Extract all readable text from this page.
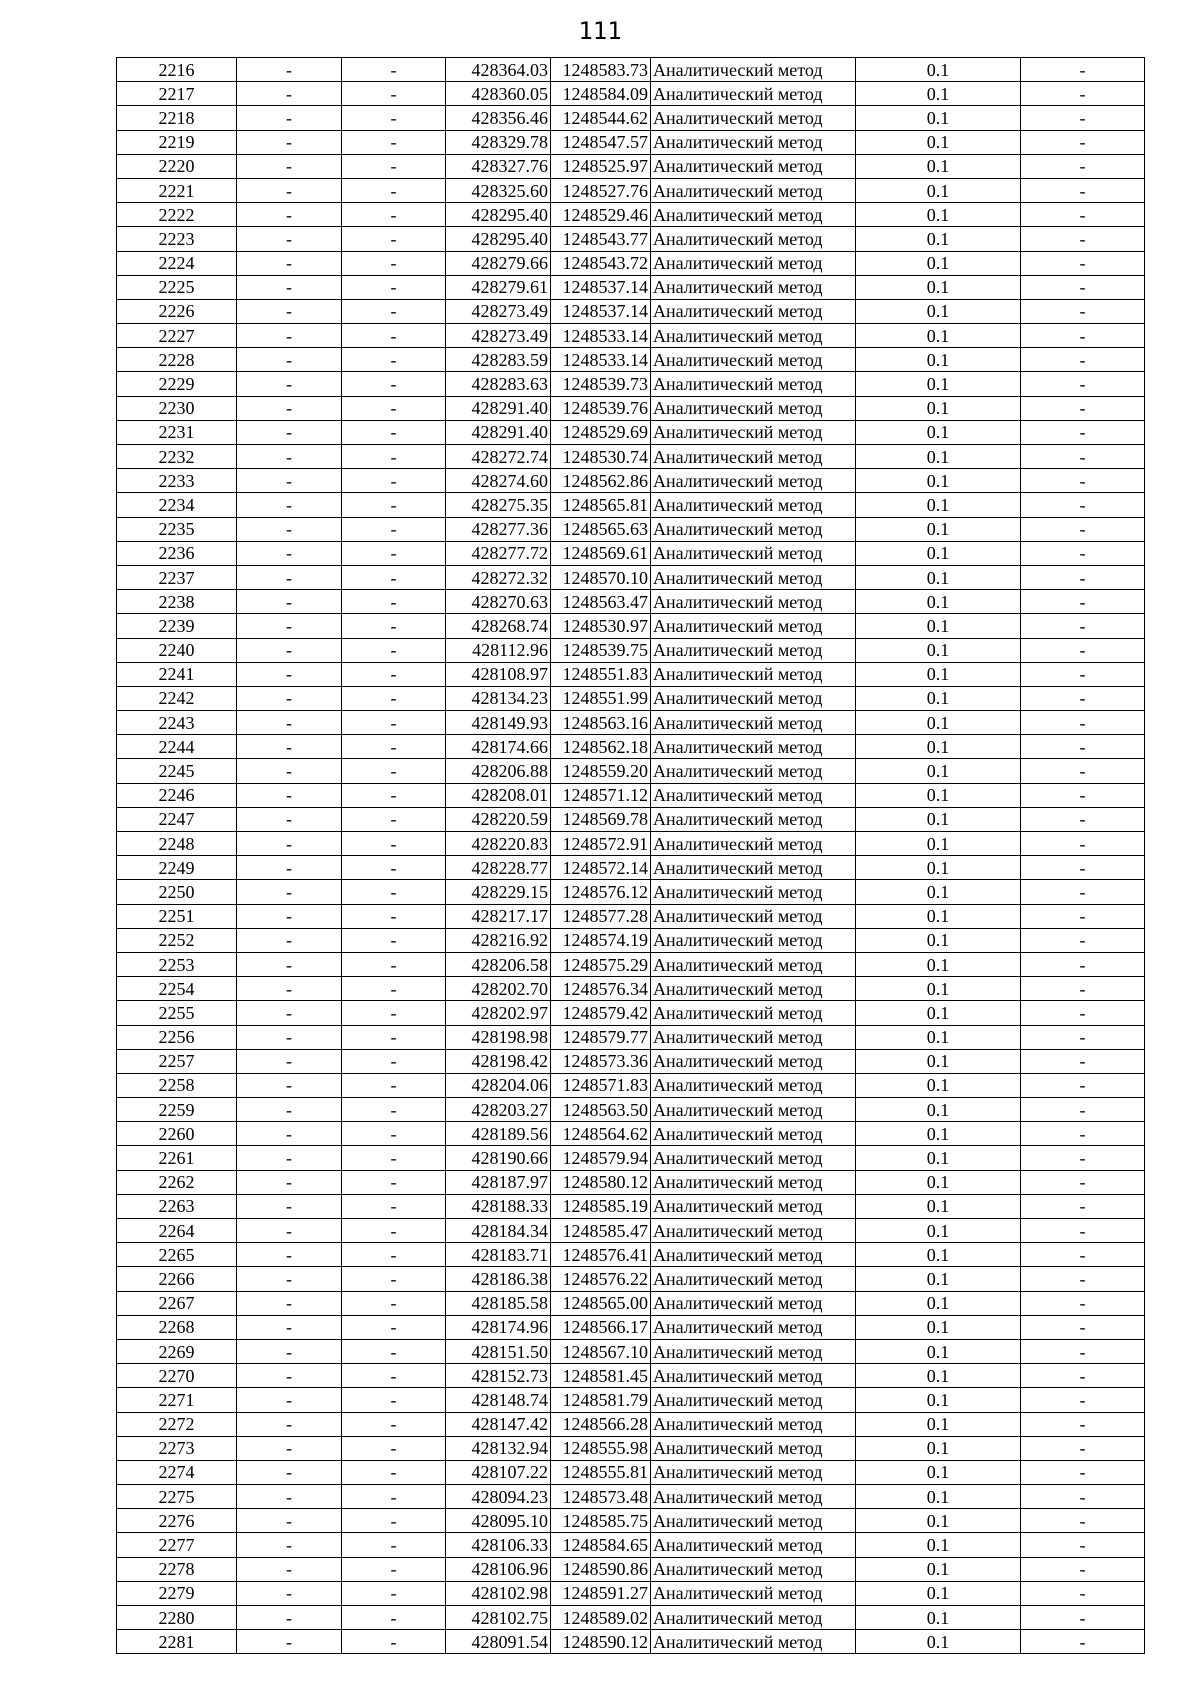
111
2216	-	-	428364.03	1248583.73	Аналитический метод	0.1	-
2217	-	-	428360.05	1248584.09	Аналитический метод	0.1	-
2218	-	-	428356.46	1248544.62	Аналитический метод	0.1	-
2219	-	-	428329.78	1248547.57	Аналитический метод	0.1	-
2220	-	-	428327.76	1248525.97	Аналитический метод	0.1	-
2221	-	-	428325.60	1248527.76	Аналитический метод	0.1	-
2222	-	-	428295.40	1248529.46	Аналитический метод	0.1	-
2223	-	-	428295.40	1248543.77	Аналитический метод	0.1	-
2224	-	-	428279.66	1248543.72	Аналитический метод	0.1	-
2225	-	-	428279.61	1248537.14	Аналитический метод	0.1	-
2226	-	-	428273.49	1248537.14	Аналитический метод	0.1	-
2227	-	-	428273.49	1248533.14	Аналитический метод	0.1	-
2228	-	-	428283.59	1248533.14	Аналитический метод	0.1	-
2229	-	-	428283.63	1248539.73	Аналитический метод	0.1	-
2230	-	-	428291.40	1248539.76	Аналитический метод	0.1	-
2231	-	-	428291.40	1248529.69	Аналитический метод	0.1	-
2232	-	-	428272.74	1248530.74	Аналитический метод	0.1	-
2233	-	-	428274.60	1248562.86	Аналитический метод	0.1	-
2234	-	-	428275.35	1248565.81	Аналитический метод	0.1	-
2235	-	-	428277.36	1248565.63	Аналитический метод	0.1	-
2236	-	-	428277.72	1248569.61	Аналитический метод	0.1	-
2237	-	-	428272.32	1248570.10	Аналитический метод	0.1	-
2238	-	-	428270.63	1248563.47	Аналитический метод	0.1	-
2239	-	-	428268.74	1248530.97	Аналитический метод	0.1	-
2240	-	-	428112.96	1248539.75	Аналитический метод	0.1	-
2241	-	-	428108.97	1248551.83	Аналитический метод	0.1	-
2242	-	-	428134.23	1248551.99	Аналитический метод	0.1	-
2243	-	-	428149.93	1248563.16	Аналитический метод	0.1	-
2244	-	-	428174.66	1248562.18	Аналитический метод	0.1	-
2245	-	-	428206.88	1248559.20	Аналитический метод	0.1	-
2246	-	-	428208.01	1248571.12	Аналитический метод	0.1	-
2247	-	-	428220.59	1248569.78	Аналитический метод	0.1	-
2248	-	-	428220.83	1248572.91	Аналитический метод	0.1	-
2249	-	-	428228.77	1248572.14	Аналитический метод	0.1	-
2250	-	-	428229.15	1248576.12	Аналитический метод	0.1	-
2251	-	-	428217.17	1248577.28	Аналитический метод	0.1	-
2252	-	-	428216.92	1248574.19	Аналитический метод	0.1	-
2253	-	-	428206.58	1248575.29	Аналитический метод	0.1	-
2254	-	-	428202.70	1248576.34	Аналитический метод	0.1	-
2255	-	-	428202.97	1248579.42	Аналитический метод	0.1	-
2256	-	-	428198.98	1248579.77	Аналитический метод	0.1	-
2257	-	-	428198.42	1248573.36	Аналитический метод	0.1	-
2258	-	-	428204.06	1248571.83	Аналитический метод	0.1	-
2259	-	-	428203.27	1248563.50	Аналитический метод	0.1	-
2260	-	-	428189.56	1248564.62	Аналитический метод	0.1	-
2261	-	-	428190.66	1248579.94	Аналитический метод	0.1	-
2262	-	-	428187.97	1248580.12	Аналитический метод	0.1	-
2263	-	-	428188.33	1248585.19	Аналитический метод	0.1	-
2264	-	-	428184.34	1248585.47	Аналитический метод	0.1	-
2265	-	-	428183.71	1248576.41	Аналитический метод	0.1	-
2266	-	-	428186.38	1248576.22	Аналитический метод	0.1	-
2267	-	-	428185.58	1248565.00	Аналитический метод	0.1	-
2268	-	-	428174.96	1248566.17	Аналитический метод	0.1	-
2269	-	-	428151.50	1248567.10	Аналитический метод	0.1	-
2270	-	-	428152.73	1248581.45	Аналитический метод	0.1	-
2271	-	-	428148.74	1248581.79	Аналитический метод	0.1	-
2272	-	-	428147.42	1248566.28	Аналитический метод	0.1	-
2273	-	-	428132.94	1248555.98	Аналитический метод	0.1	-
2274	-	-	428107.22	1248555.81	Аналитический метод	0.1	-
2275	-	-	428094.23	1248573.48	Аналитический метод	0.1	-
2276	-	-	428095.10	1248585.75	Аналитический метод	0.1	-
2277	-	-	428106.33	1248584.65	Аналитический метод	0.1	-
2278	-	-	428106.96	1248590.86	Аналитический метод	0.1	-
2279	-	-	428102.98	1248591.27	Аналитический метод	0.1	-
2280	-	-	428102.75	1248589.02	Аналитический метод	0.1	-
2281	-	-	428091.54	1248590.12	Аналитический метод	0.1	-
